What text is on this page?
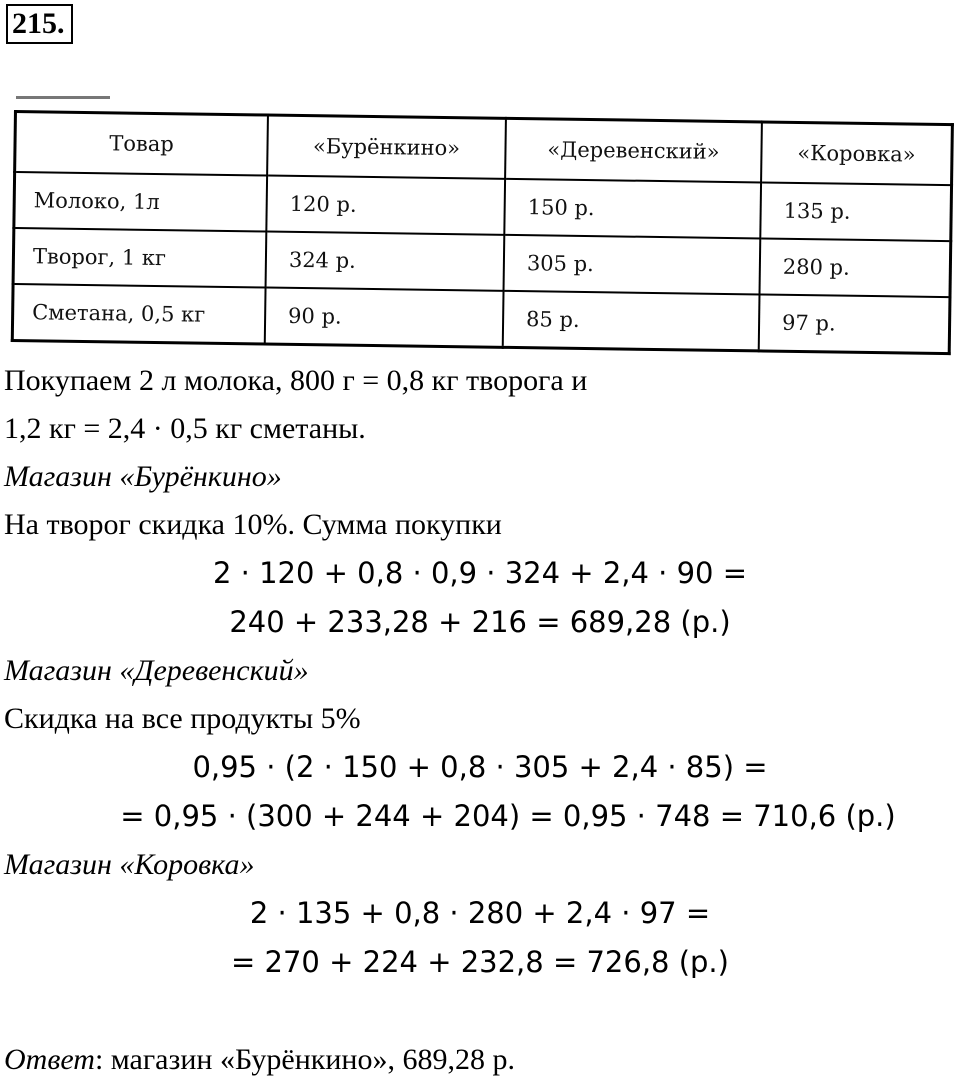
215.
Товар	«Бурёнкино»	«Деревенский»	«Коровка»
Молоко, 1л	120 р.	150 р.	135 р.
Творог, 1 кг	324 р.	305 р.	280 р.
Сметана, 0,5 кг	90 р.	85 р.	97 р.
Покупаем 2 л молока, 800 г = 0,8 кг творога и
1,2 кг = 2,4 · 0,5 кг сметаны.
Магазин «Бурёнкино»
На творог скидка 10%. Сумма покупки
2 · 120 + 0,8 · 0,9 · 324 + 2,4 · 90 =
240 + 233,28 + 216 = 689,28 (р.)
Магазин «Деревенский»
Скидка на все продукты 5%
0,95 · (2 · 150 + 0,8 · 305 + 2,4 · 85) =
= 0,95 · (300 + 244 + 204) = 0,95 · 748 = 710,6 (р.)
Магазин «Коровка»
2 · 135 + 0,8 · 280 + 2,4 · 97 =
= 270 + 224 + 232,8 = 726,8 (р.)
Ответ: магазин «Бурёнкино», 689,28 р.
